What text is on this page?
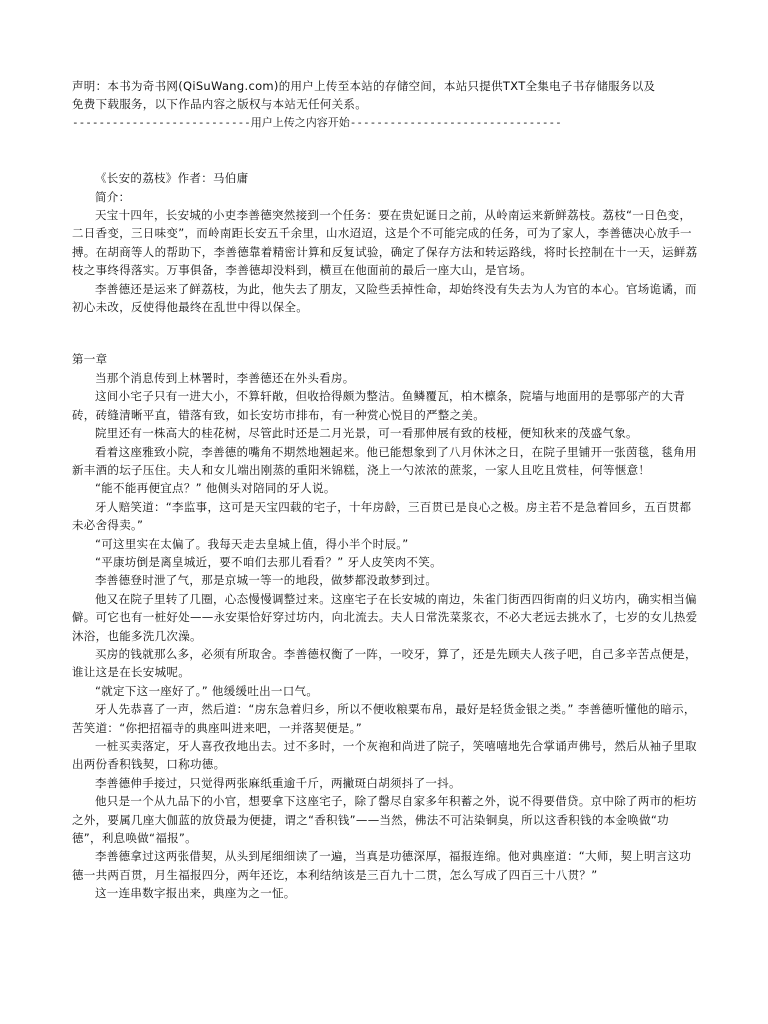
声明：本书为奇书网(QiSuWang.com)的用户上传至本站的存储空间，本站只提供TXT全集电子书存储服务以及
免费下载服务，以下作品内容之版权与本站无任何关系。
---------------------------用户上传之内容开始--------------------------------

《长安的荔枝》作者：马伯庸

简介：

天宝十四年，长安城的小吏李善德突然接到一个任务：要在贵妃诞日之前，从岭南运来新鲜荔枝。荔枝“一日色变，二日香变，三日味变”，而岭南距长安五千余里，山水迢迢，这是个不可能完成的任务，可为了家人，李善德决心放手一搏。在胡商等人的帮助下，李善德靠着精密计算和反复试验，确定了保存方法和转运路线，将时长控制在十一天，运鲜荔枝之事终得落实。万事俱备，李善德却没料到，横亘在他面前的最后一座大山，是官场。

李善德还是运来了鲜荔枝，为此，他失去了朋友，又险些丢掉性命，却始终没有失去为人为官的本心。官场诡谲，而初心未改，反使得他最终在乱世中得以保全。

第一章

当那个消息传到上林署时，李善德还在外头看房。

这间小宅子只有一进大小，不算轩敞，但收拾得颇为整洁。鱼鳞覆瓦，柏木檩条，院墙与地面用的是鄠邬产的大青砖，砖缝清晰平直，错落有致，如长安坊市排布，有一种赏心悦目的严整之美。

院里还有一株高大的桂花树，尽管此时还是二月光景，可一看那伸展有致的枝桠，便知秋来的茂盛气象。

看着这座雅致小院，李善德的嘴角不期然地翘起来。他已能想象到了八月休沐之日，在院子里铺开一张茵毯，毯角用新丰酒的坛子压住。夫人和女儿端出刚蒸的重阳米锦糕，浇上一勺浓浓的蔗浆，一家人且吃且赏桂，何等惬意！

“能不能再便宜点？” 他侧头对陪同的牙人说。

牙人赔笑道：“李监事，这可是天宝四载的宅子，十年房龄，三百贯已是良心之极。房主若不是急着回乡，五百贯都未必舍得卖。”

“可这里实在太偏了。我每天走去皇城上值，得小半个时辰。”

“平康坊倒是离皇城近，要不咱们去那儿看看？” 牙人皮笑肉不笑。

李善德登时泄了气，那是京城一等一的地段，做梦都没敢梦到过。

他又在院子里转了几圈，心态慢慢调整过来。这座宅子在长安城的南边，朱雀门街西四街南的归义坊内，确实相当偏僻。可它也有一桩好处——永安渠恰好穿过坊内，向北流去。夫人日常洗菜浆衣，不必大老远去挑水了，七岁的女儿热爱沐浴，也能多洗几次澡。

买房的钱就那么多，必须有所取舍。李善德权衡了一阵，一咬牙，算了，还是先顾夫人孩子吧，自己多辛苦点便是，谁让这是在长安城呢。

“就定下这一座好了。” 他缓缓吐出一口气。

牙人先恭喜了一声，然后道：“房东急着归乡，所以不便收粮粟布帛，最好是轻货金银之类。” 李善德听懂他的暗示，苦笑道：“你把招福寺的典座叫进来吧，一并落契便是。”

一桩买卖落定，牙人喜孜孜地出去。过不多时，一个灰袍和尚进了院子，笑嘻嘻地先合掌诵声佛号，然后从袖子里取出两份香积钱契，口称功德。

李善德伸手接过，只觉得两张麻纸重逾千斤，两撇斑白胡须抖了一抖。

他只是一个从九品下的小官，想要拿下这座宅子，除了罄尽自家多年积蓄之外，说不得要借贷。京中除了两市的柜坊之外，要属几座大伽蓝的放贷最为便捷，谓之“香积钱”——当然，佛法不可沾染铜臭，所以这香积钱的本金唤做“功德”，利息唤做“福报”。

李善德拿过这两张借契，从头到尾细细读了一遍，当真是功德深厚，福报连绵。他对典座道：“大师，契上明言这功德一共两百贯，月生福报四分，两年还讫，本利结纳该是三百九十二贯，怎么写成了四百三十八贯？”

这一连串数字报出来，典座为之一怔。
